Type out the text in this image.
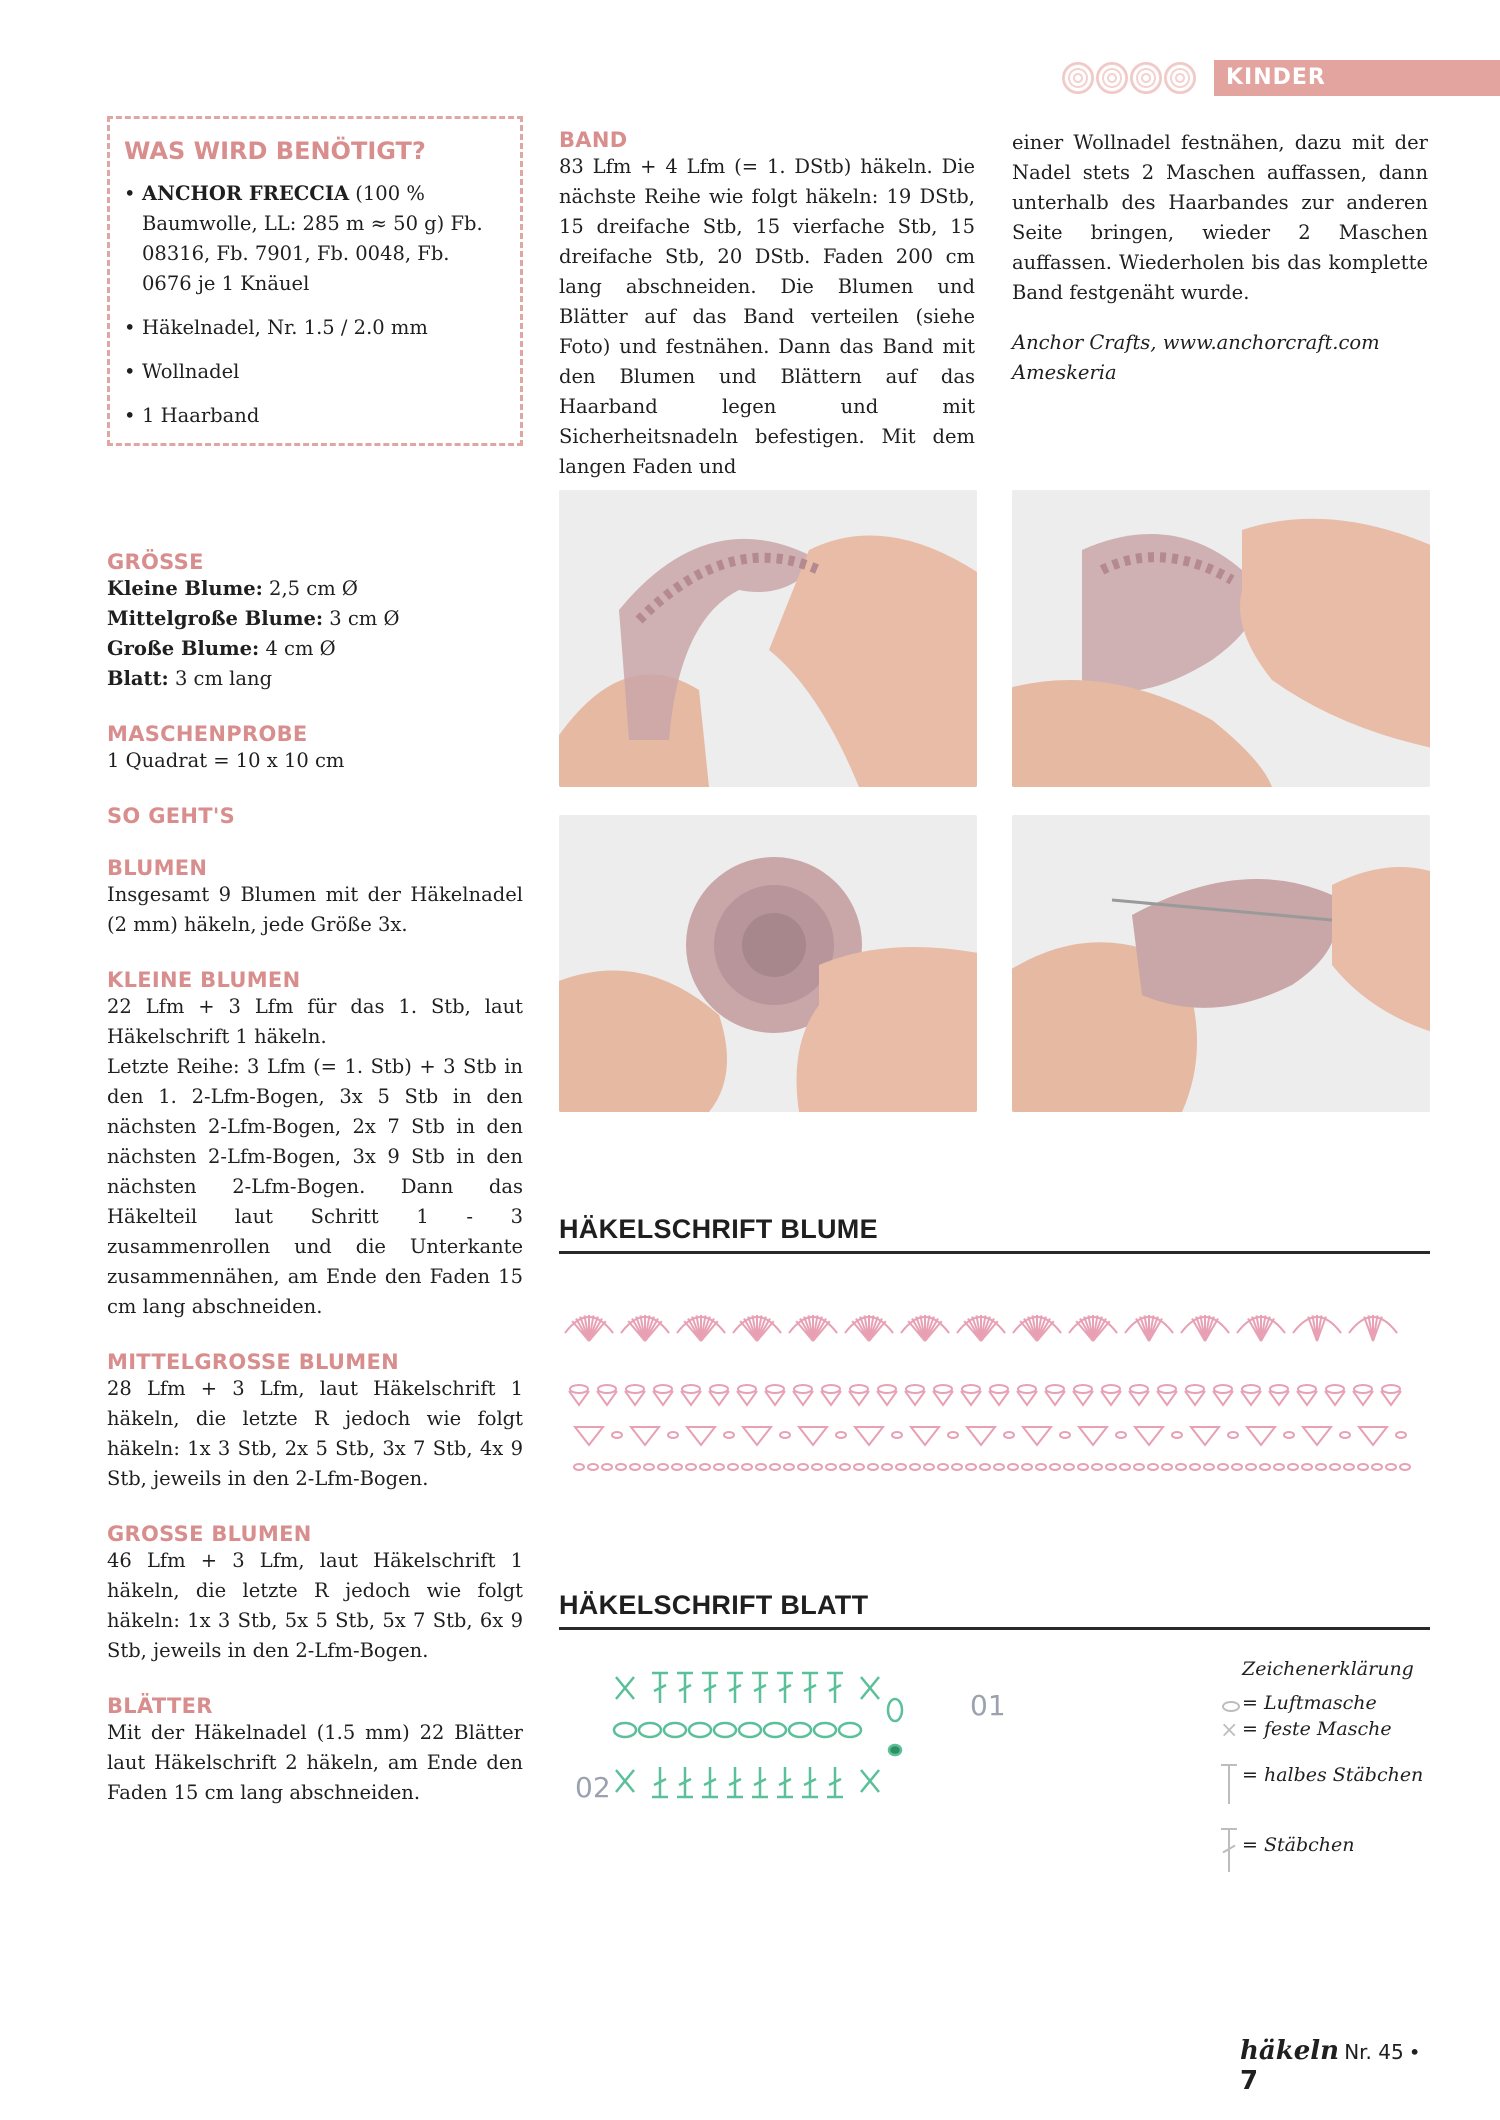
KINDER

WAS WIRD BENÖTIGT?

• ANCHOR FRECCIA (100 % Baumwolle, LL: 285 m ≈ 50 g) Fb. 08316, Fb. 7901, Fb. 0048, Fb. 0676 je 1 Knäuel
• Häkelnadel, Nr. 1.5 / 2.0 mm
• Wollnadel
• 1 Haarband

BAND

83 Lfm + 4 Lfm (= 1. DStb) häkeln. Die nächste Reihe wie folgt häkeln: 19 DStb, 15 dreifache Stb, 15 vierfache Stb, 15 dreifache Stb, 20 DStb. Faden 200 cm lang abschneiden. Die Blumen und Blätter auf das Band verteilen (siehe Foto) und festnähen. Dann das Band mit den Blumen und Blättern auf das Haarband legen und mit Sicherheitsnadeln befestigen. Mit dem langen Faden und

einer Wollnadel festnähen, dazu mit der Nadel stets 2 Maschen auffassen, dann unterhalb des Haarbandes zur anderen Seite bringen, wieder 2 Maschen auffassen. Wiederholen bis das komplette Band festgenäht wurde.

Anchor Crafts, www.anchorcraft.com

Ameskeria

GRÖSSE

Kleine Blume: 2,5 cm Ø

Mittelgroße Blume: 3 cm Ø

Große Blume: 4 cm Ø

Blatt: 3 cm lang

MASCHENPROBE

1 Quadrat = 10 x 10 cm

SO GEHT'S

BLUMEN

Insgesamt 9 Blumen mit der Häkelnadel (2 mm) häkeln, jede Größe 3x.

KLEINE BLUMEN

22 Lfm + 3 Lfm für das 1. Stb, laut Häkelschrift 1 häkeln.

Letzte Reihe: 3 Lfm (= 1. Stb) + 3 Stb in den 1. 2-Lfm-Bogen, 3x 5 Stb in den nächsten 2-Lfm-Bogen, 2x 7 Stb in den nächsten 2-Lfm-Bogen, 3x 9 Stb in den nächsten 2-Lfm-Bogen. Dann das Häkelteil laut Schritt 1 - 3 zusammenrollen und die Unterkante zusammennähen, am Ende den Faden 15 cm lang abschneiden.

MITTELGROSSE BLUMEN

28 Lfm + 3 Lfm, laut Häkelschrift 1 häkeln, die letzte R jedoch wie folgt häkeln: 1x 3 Stb, 2x 5 Stb, 3x 7 Stb, 4x 9 Stb, jeweils in den 2-Lfm-Bogen.

GROSSE BLUMEN

46 Lfm + 3 Lfm, laut Häkelschrift 1 häkeln, die letzte R jedoch wie folgt häkeln: 1x 3 Stb, 5x 5 Stb, 5x 7 Stb, 6x 9 Stb, jeweils in den 2-Lfm-Bogen.

BLÄTTER

Mit der Häkelnadel (1.5 mm) 22 Blätter laut Häkelschrift 2 häkeln, am Ende den Faden 15 cm lang abschneiden.

HÄKELSCHRIFT BLUME

HÄKELSCHRIFT BLATT

01
02
Zeichenerklärung
= Luftmasche
× = feste Masche
= halbes Stäbchen
= Stäbchen
häkeln Nr. 45 • 7
